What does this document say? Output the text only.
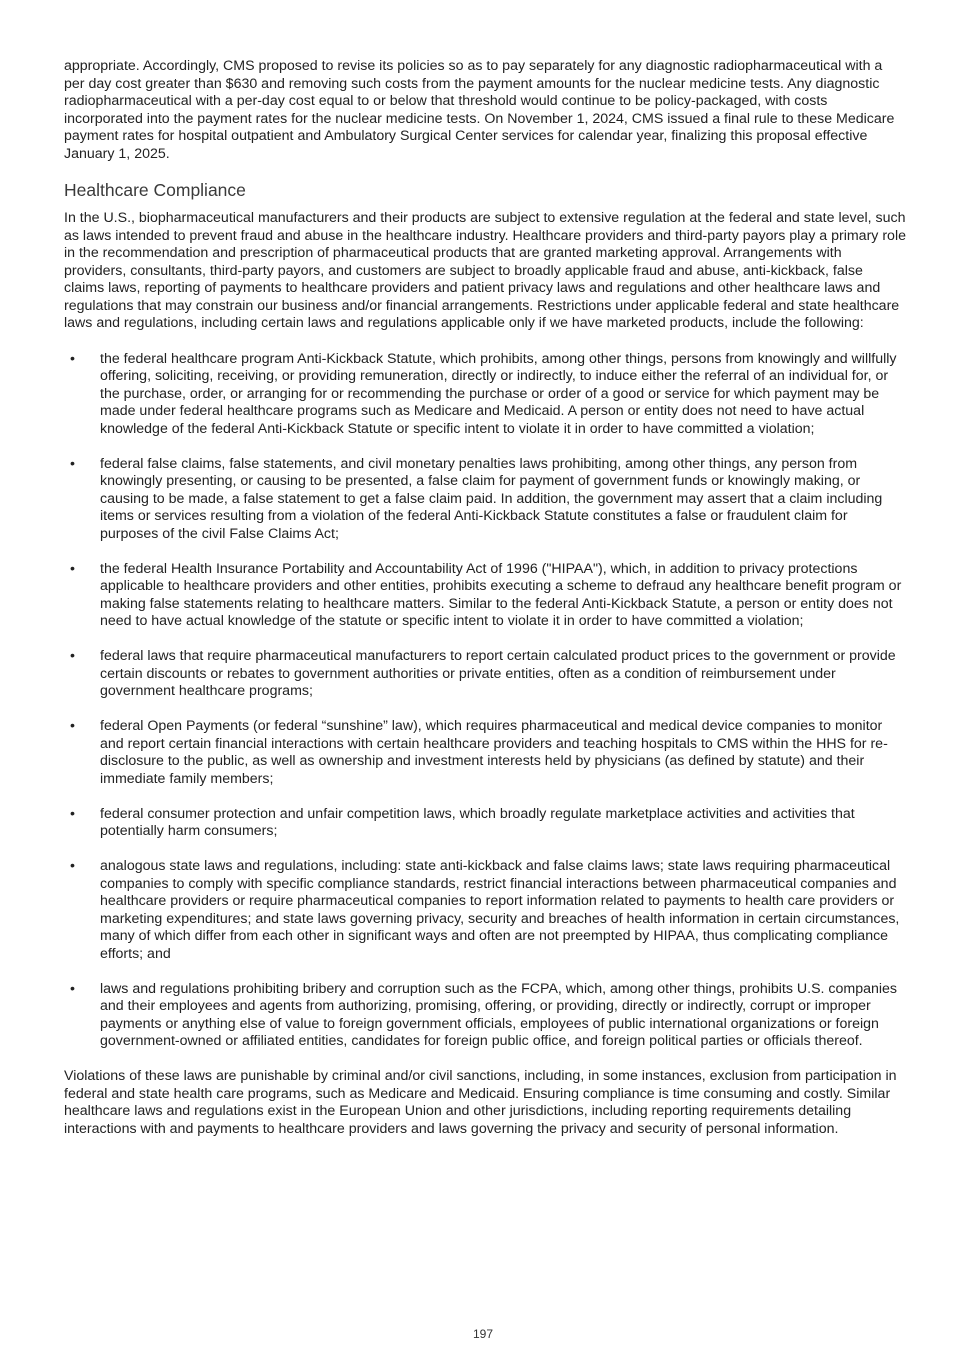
appropriate. Accordingly, CMS proposed to revise its policies so as to pay separately for any diagnostic radiopharmaceutical with a per day cost greater than $630 and removing such costs from the payment amounts for the nuclear medicine tests. Any diagnostic radiopharmaceutical with a per-day cost equal to or below that threshold would continue to be policy-packaged, with costs incorporated into the payment rates for the nuclear medicine tests. On November 1, 2024, CMS issued a final rule to these Medicare payment rates for hospital outpatient and Ambulatory Surgical Center services for calendar year, finalizing this proposal effective January 1, 2025.

Healthcare Compliance

In the U.S., biopharmaceutical manufacturers and their products are subject to extensive regulation at the federal and state level, such as laws intended to prevent fraud and abuse in the healthcare industry. Healthcare providers and third-party payors play a primary role in the recommendation and prescription of pharmaceutical products that are granted marketing approval. Arrangements with providers, consultants, third-party payors, and customers are subject to broadly applicable fraud and abuse, anti-kickback, false claims laws, reporting of payments to healthcare providers and patient privacy laws and regulations and other healthcare laws and regulations that may constrain our business and/or financial arrangements. Restrictions under applicable federal and state healthcare laws and regulations, including certain laws and regulations applicable only if we have marketed products, include the following:

• the federal healthcare program Anti-Kickback Statute, which prohibits, among other things, persons from knowingly and willfully offering, soliciting, receiving, or providing remuneration, directly or indirectly, to induce either the referral of an individual for, or the purchase, order, or arranging for or recommending the purchase or order of a good or service for which payment may be made under federal healthcare programs such as Medicare and Medicaid. A person or entity does not need to have actual knowledge of the federal Anti-Kickback Statute or specific intent to violate it in order to have committed a violation;
• federal false claims, false statements, and civil monetary penalties laws prohibiting, among other things, any person from knowingly presenting, or causing to be presented, a false claim for payment of government funds or knowingly making, or causing to be made, a false statement to get a false claim paid. In addition, the government may assert that a claim including items or services resulting from a violation of the federal Anti-Kickback Statute constitutes a false or fraudulent claim for purposes of the civil False Claims Act;
• the federal Health Insurance Portability and Accountability Act of 1996 ("HIPAA"), which, in addition to privacy protections applicable to healthcare providers and other entities, prohibits executing a scheme to defraud any healthcare benefit program or making false statements relating to healthcare matters. Similar to the federal Anti-Kickback Statute, a person or entity does not need to have actual knowledge of the statute or specific intent to violate it in order to have committed a violation;
• federal laws that require pharmaceutical manufacturers to report certain calculated product prices to the government or provide certain discounts or rebates to government authorities or private entities, often as a condition of reimbursement under government healthcare programs;
• federal Open Payments (or federal “sunshine” law), which requires pharmaceutical and medical device companies to monitor and report certain financial interactions with certain healthcare providers and teaching hospitals to CMS within the HHS for re-disclosure to the public, as well as ownership and investment interests held by physicians (as defined by statute) and their immediate family members;
• federal consumer protection and unfair competition laws, which broadly regulate marketplace activities and activities that potentially harm consumers;
• analogous state laws and regulations, including: state anti-kickback and false claims laws; state laws requiring pharmaceutical companies to comply with specific compliance standards, restrict financial interactions between pharmaceutical companies and healthcare providers or require pharmaceutical companies to report information related to payments to health care providers or marketing expenditures; and state laws governing privacy, security and breaches of health information in certain circumstances, many of which differ from each other in significant ways and often are not preempted by HIPAA, thus complicating compliance efforts; and
• laws and regulations prohibiting bribery and corruption such as the FCPA, which, among other things, prohibits U.S. companies and their employees and agents from authorizing, promising, offering, or providing, directly or indirectly, corrupt or improper payments or anything else of value to foreign government officials, employees of public international organizations or foreign government-owned or affiliated entities, candidates for foreign public office, and foreign political parties or officials thereof.

Violations of these laws are punishable by criminal and/or civil sanctions, including, in some instances, exclusion from participation in federal and state health care programs, such as Medicare and Medicaid. Ensuring compliance is time consuming and costly. Similar healthcare laws and regulations exist in the European Union and other jurisdictions, including reporting requirements detailing interactions with and payments to healthcare providers and laws governing the privacy and security of personal information.

197
